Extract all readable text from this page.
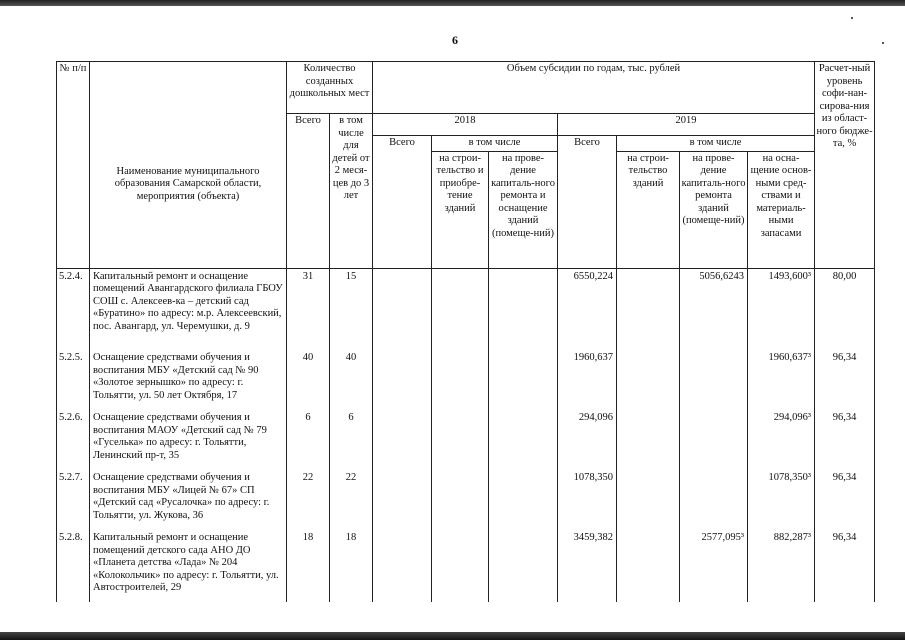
6
№ п/п	Наименование муниципального образования Самарской области, мероприятия (объекта)	Количество созданных дошкольных мест		Объем субсидии по годам, тыс. рублей							Расчет-ный уровень софи-нан-сирова-ния из област-ного бюдже-та, %
		Всего	в том числе для детей от 2 меся-цев до 3 лет	2018			2019				
				Всего	в том числе		Всего	в том числе			
					на строи-тельство и приобре-тение зданий	на прове-дение капиталь-ного ремонта и оснащение зданий (помеще-ний)		на строи-тельство зданий	на прове-дение капиталь-ного ремонта зданий (помеще-ний)	на осна-щение основ-ными сред-ствами и материаль-ными запасами	
5.2.4.	Капитальный ремонт и оснащение помещений Авангардского филиала ГБОУ СОШ с. Алексеев-ка – детский сад «Буратино» по адресу: м.р. Алексеевский, пос. Авангард, ул. Черемушки, д. 9	31	15				6550,224		5056,6243	1493,600³	80,00
5.2.5.	Оснащение средствами обучения и воспитания МБУ «Детский сад № 90 «Золотое зернышко» по адресу: г. Тольятти, ул. 50 лет Октября, 17	40	40				1960,637			1960,637³	96,34
5.2.6.	Оснащение средствами обучения и воспитания МАОУ «Детский сад № 79 «Гуселька» по адресу: г. Тольятти, Ленинский пр-т, 35	6	6				294,096			294,096³	96,34
5.2.7.	Оснащение средствами обучения и воспитания МБУ «Лицей № 67» СП «Детский сад «Русалочка» по адресу: г. Тольятти, ул. Жукова, 36	22	22				1078,350			1078,350³	96,34
5.2.8.	Капитальный ремонт и оснащение помещений детского сада АНО ДО «Планета детства «Лада» № 204 «Колокольчик» по адресу: г. Тольятти, ул. Автостроителей, 29	18	18				3459,382		2577,095³	882,287³	96,34
